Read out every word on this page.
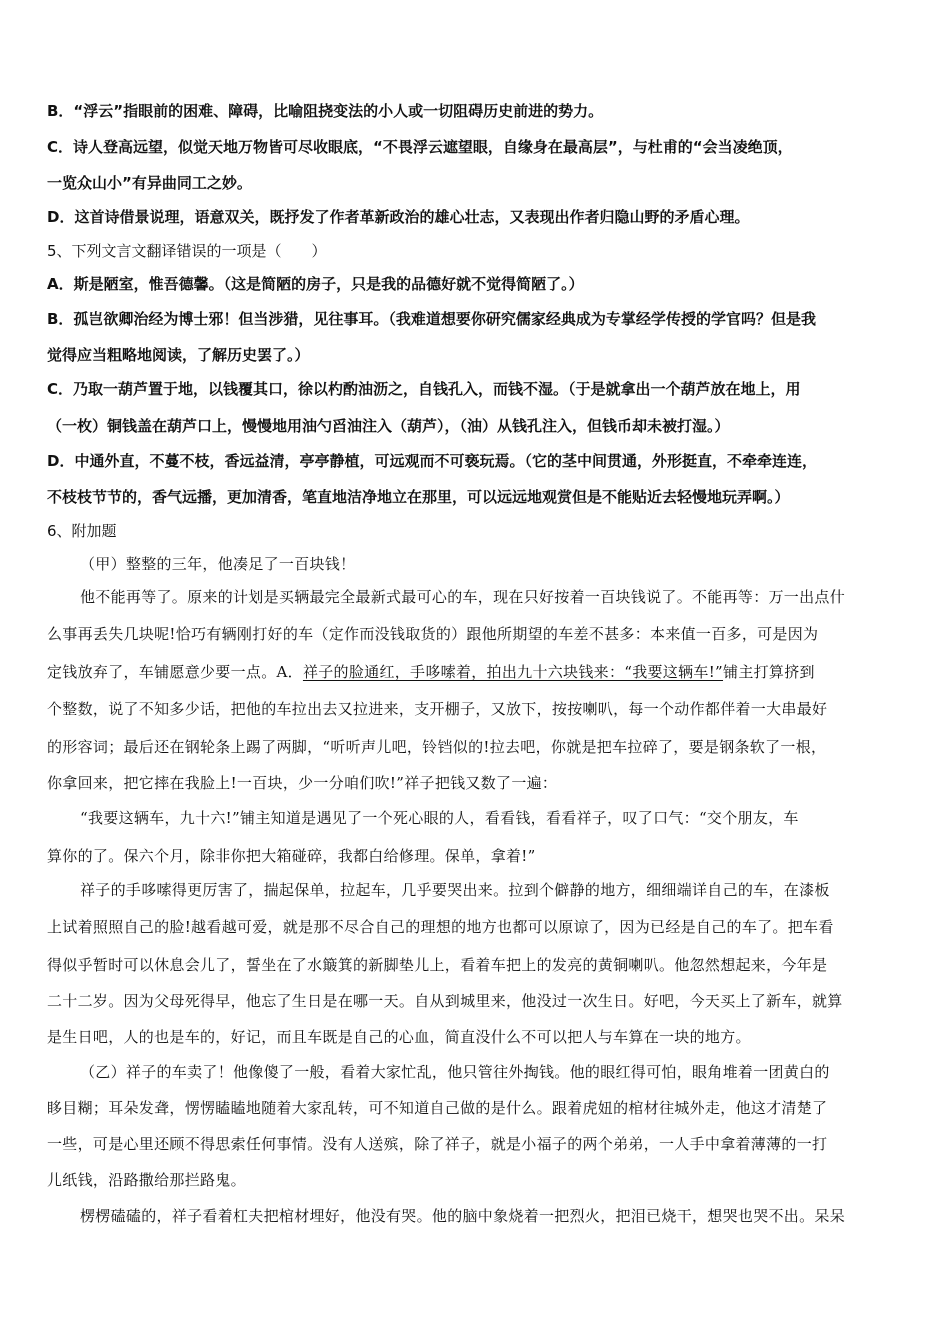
B．“浮云”指眼前的困难、障碍，比喻阻挠变法的小人或一切阻碍历史前进的势力。
C．诗人登高远望，似觉天地万物皆可尽收眼底，“不畏浮云遮望眼，自缘身在最高层”，与杜甫的“会当凌绝顶，
一览众山小”有异曲同工之妙。
D．这首诗借景说理，语意双关，既抒发了作者革新政治的雄心壮志，又表现出作者归隐山野的矛盾心理。
5、下列文言文翻译错误的一项是（　　）
A．斯是陋室，惟吾德馨。（这是简陋的房子，只是我的品德好就不觉得简陋了。）
B．孤岂欲卿治经为博士邪！但当涉猎，见往事耳。（我难道想要你研究儒家经典成为专掌经学传授的学官吗？但是我
觉得应当粗略地阅读，了解历史罢了。）
C．乃取一葫芦置于地，以钱覆其口，徐以杓酌油沥之，自钱孔入，而钱不湿。（于是就拿出一个葫芦放在地上，用
（一枚）铜钱盖在葫芦口上，慢慢地用油勺舀油注入（葫芦），（油）从钱孔注入，但钱币却未被打湿。）
D．中通外直，不蔓不枝，香远益清，亭亭静植，可远观而不可亵玩焉。（它的茎中间贯通，外形挺直，不牵牵连连，
不枝枝节节的，香气远播，更加清香，笔直地洁净地立在那里，可以远远地观赏但是不能贴近去轻慢地玩弄啊。）
6、附加题
（甲）整整的三年，他凑足了一百块钱！
他不能再等了。原来的计划是买辆最完全最新式最可心的车，现在只好按着一百块钱说了。不能再等：万一出点什
么事再丢失几块呢!恰巧有辆刚打好的车（定作而没钱取货的）跟他所期望的车差不甚多：本来值一百多，可是因为
定钱放弃了，车铺愿意少要一点。A．祥子的脸通红，手哆嗦着，拍出九十六块钱来：“我要这辆车!”铺主打算挤到
个整数，说了不知多少话，把他的车拉出去又拉进来，支开棚子，又放下，按按喇叭，每一个动作都伴着一大串最好
的形容词；最后还在钢轮条上踢了两脚，“听听声儿吧，铃铛似的!拉去吧，你就是把车拉碎了，要是钢条软了一根，
你拿回来，把它摔在我脸上!一百块，少一分咱们吹!”祥子把钱又数了一遍：
“我要这辆车，九十六!”铺主知道是遇见了一个死心眼的人，看看钱，看看祥子，叹了口气：“交个朋友，车
算你的了。保六个月，除非你把大箱碰碎，我都白给修理。保单，拿着!”
祥子的手哆嗦得更厉害了，揣起保单，拉起车，几乎要哭出来。拉到个僻静的地方，细细端详自己的车，在漆板
上试着照照自己的脸!越看越可爱，就是那不尽合自己的理想的地方也都可以原谅了，因为已经是自己的车了。把车看
得似乎暂时可以休息会儿了，誓坐在了水簸箕的新脚垫儿上，看着车把上的发亮的黄铜喇叭。他忽然想起来，今年是
二十二岁。因为父母死得早，他忘了生日是在哪一天。自从到城里来，他没过一次生日。好吧，今天买上了新车，就算
是生日吧，人的也是车的，好记，而且车既是自己的心血，简直没什么不可以把人与车算在一块的地方。
（乙）祥子的车卖了！他像傻了一般，看着大家忙乱，他只管往外掏钱。他的眼红得可怕，眼角堆着一团黄白的
眵目糊；耳朵发聋，愣愣瞌瞌地随着大家乱转，可不知道自己做的是什么。跟着虎妞的棺材往城外走，他这才清楚了
一些，可是心里还顾不得思索任何事情。没有人送殡，除了祥子，就是小福子的两个弟弟，一人手中拿着薄薄的一打
儿纸钱，沿路撒给那拦路鬼。
楞楞磕磕的，祥子看着杠夫把棺材埋好，他没有哭。他的脑中象烧着一把烈火，把泪已烧干，想哭也哭不出。呆呆
